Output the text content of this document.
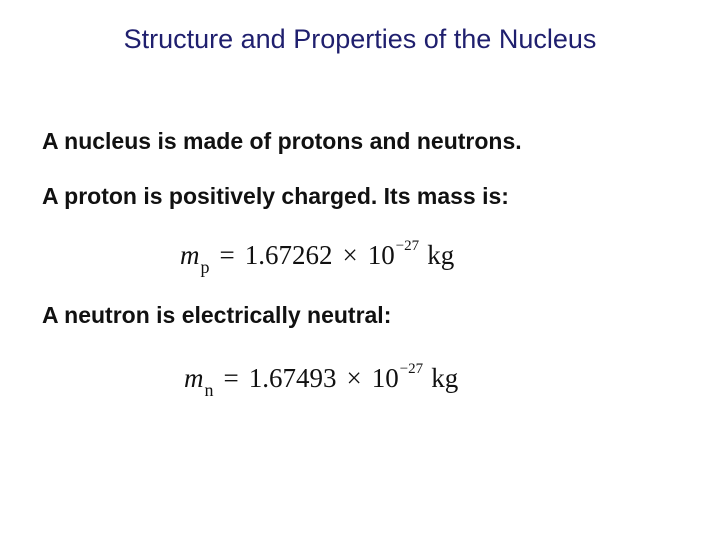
Structure and Properties of the Nucleus
A nucleus is made of protons and neutrons.
A proton is positively charged. Its mass is:
$m_p = 1.67262 \times 10^{-27}$ kg
A neutron is electrically neutral:
$m_n = 1.67493 \times 10^{-27}$ kg
